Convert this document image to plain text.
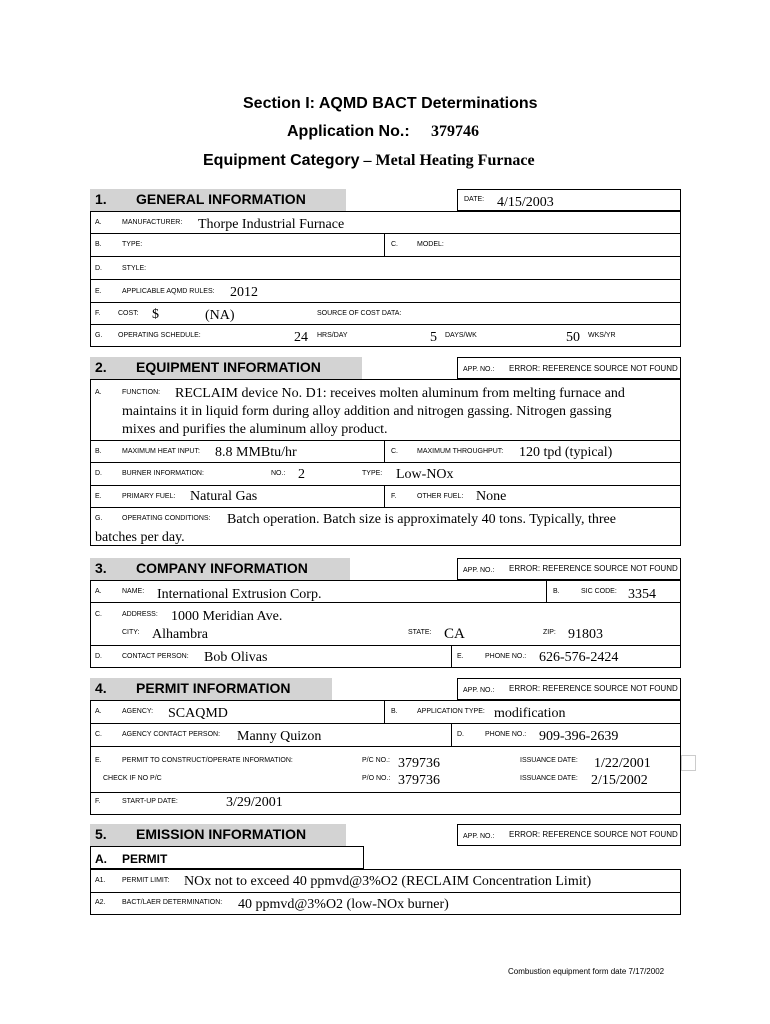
Section I: AQMD BACT Determinations
Application No.: 379746
Equipment Category – Metal Heating Furnace
1. GENERAL INFORMATION	DATE: 4/15/2003
A.	MANUFACTURER: Thorpe Industrial Furnace
B.	TYPE:	C.	MODEL:
D.	STYLE:
E.	APPLICABLE AQMD RULES: 2012
F.	COST: $	(NA)	SOURCE OF COST DATA:
G. OPERATING SCHEDULE:	24 HRS/DAY	5 DAYS/WK	50 WKS/YR
2. EQUIPMENT INFORMATION	APP. NO.: ERROR: REFERENCE SOURCE NOT FOUND
A.	FUNCTION: RECLAIM device No. D1: receives molten aluminum from melting furnace and
maintains it in liquid form during alloy addition and nitrogen gassing. Nitrogen gassing
mixes and purifies the aluminum alloy product.
B.	MAXIMUM HEAT INPUT: 8.8 MMBtu/hr	C.	MAXIMUM THROUGHPUT: 120 tpd (typical)
D.	BURNER INFORMATION:	NO.: 2	TYPE: Low-NOx
E.	PRIMARY FUEL: Natural Gas	F.	OTHER FUEL: None
G.	OPERATING CONDITIONS: Batch operation. Batch size is approximately 40 tons. Typically, three
batches per day.
3. COMPANY INFORMATION	APP. NO.: ERROR: REFERENCE SOURCE NOT FOUND
A.	NAME: International Extrusion Corp.	B.	SIC CODE: 3354
C.	ADDRESS: 1000 Meridian Ave.
CITY: Alhambra	STATE: CA	ZIP: 91803
D.	CONTACT PERSON: Bob Olivas	E.	PHONE NO.: 626-576-2424
4. PERMIT INFORMATION	APP. NO.: ERROR: REFERENCE SOURCE NOT FOUND
A.	AGENCY: SCAQMD	B.	APPLICATION TYPE: modification
C.	AGENCY CONTACT PERSON: Manny Quizon	D.	PHONE NO.: 909-396-2639
E.	PERMIT TO CONSTRUCT/OPERATE INFORMATION:	P/C NO.: 379736	ISSUANCE DATE: 1/22/2001
CHECK IF NO P/C	P/O NO.: 379736	ISSUANCE DATE: 2/15/2002
F.	START-UP DATE:	3/29/2001
5. EMISSION INFORMATION	APP. NO.: ERROR: REFERENCE SOURCE NOT FOUND
A. PERMIT
A1. PERMIT LIMIT: NOx not to exceed 40 ppmvd@3%O2 (RECLAIM Concentration Limit)
A2. BACT/LAER DETERMINATION: 40 ppmvd@3%O2 (low-NOx burner)
Combustion equipment form date 7/17/2002
